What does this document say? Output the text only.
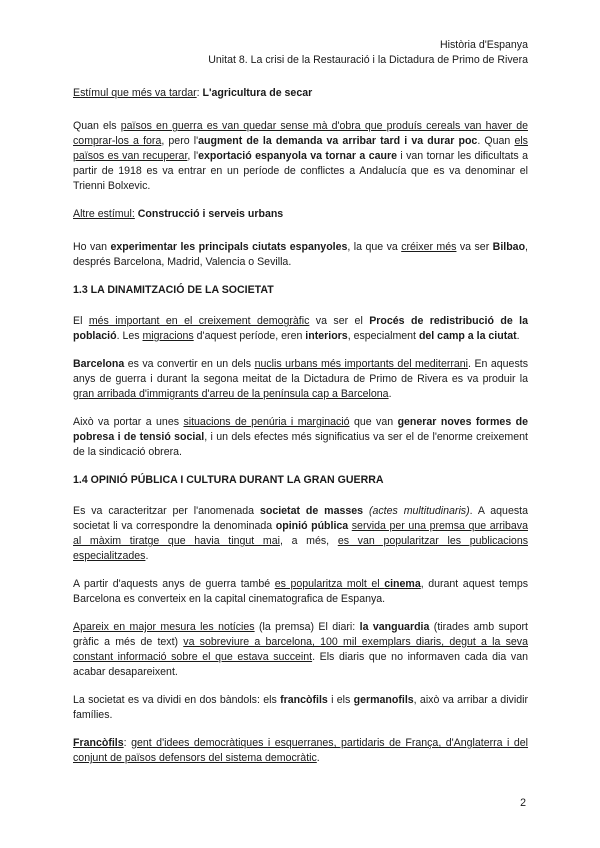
Història d'Espanya
Unitat 8. La crisi de la Restauració i la Dictadura de Primo de Rivera
Estímul que més va tardar: L'agricultura de secar

Quan els països en guerra es van quedar sense mà d'obra que produís cereals van haver de comprar-los a fora, pero l'augment de la demanda va arribar tard i va durar poc. Quan els països es van recuperar, l'exportació espanyola va tornar a caure i van tornar les dificultats a partir de 1918 es va entrar en un període de conflictes a Andalucía que es va denominar el Trienni Bolxevic.

Altre estímul: Construcció i serveis urbans

Ho van experimentar les principals ciutats espanyoles, la que va créixer més va ser Bilbao, després Barcelona, Madrid, Valencia o Sevilla.

1.3 LA DINAMITZACIÓ DE LA SOCIETAT

El més important en el creixement demogràfic va ser el Procés de redistribució de la població. Les migracions d'aquest període, eren interiors, especialment del camp a la ciutat.

Barcelona es va convertir en un dels nuclis urbans més importants del mediterrani. En aquests anys de guerra i durant la segona meitat de la Dictadura de Primo de Rivera es va produir la gran arribada d'immigrants d'arreu de la península cap a Barcelona.

Això va portar a unes situacions de penúria i marginació que van generar noves formes de pobresa i de tensió social, i un dels efectes més significatius va ser el de l'enorme creixement de la sindicació obrera.

1.4 OPINIÓ PÚBLICA I CULTURA DURANT LA GRAN GUERRA

Es va caracteritzar per l'anomenada societat de masses (actes multitudinaris). A aquesta societat li va correspondre la denominada opinió pública servida per una premsa que arribava al màxim tiratge que havia tingut mai, a més, es van popularitzar les publicacions especialitzades.

A partir d'aquests anys de guerra també es popularitza molt el cinema, durant aquest temps Barcelona es converteix en la capital cinematografica de Espanya.

Apareix en major mesura les notícies (la premsa) El diari: la vanguardia (tirades amb suport gràfic a més de text) va sobreviure a barcelona, 100 mil exemplars diaris, degut a la seva constant informació sobre el que estava succeint. Els diaris que no informaven cada dia van acabar desapareixent.

La societat es va dividi en dos bàndols: els francòfils i els germanofils, això va arribar a dividir famílies.

Francòfils: gent d'idees democràtiques i esquerranes, partidaris de França, d'Anglaterra i del conjunt de països defensors del sistema democràtic.

2
